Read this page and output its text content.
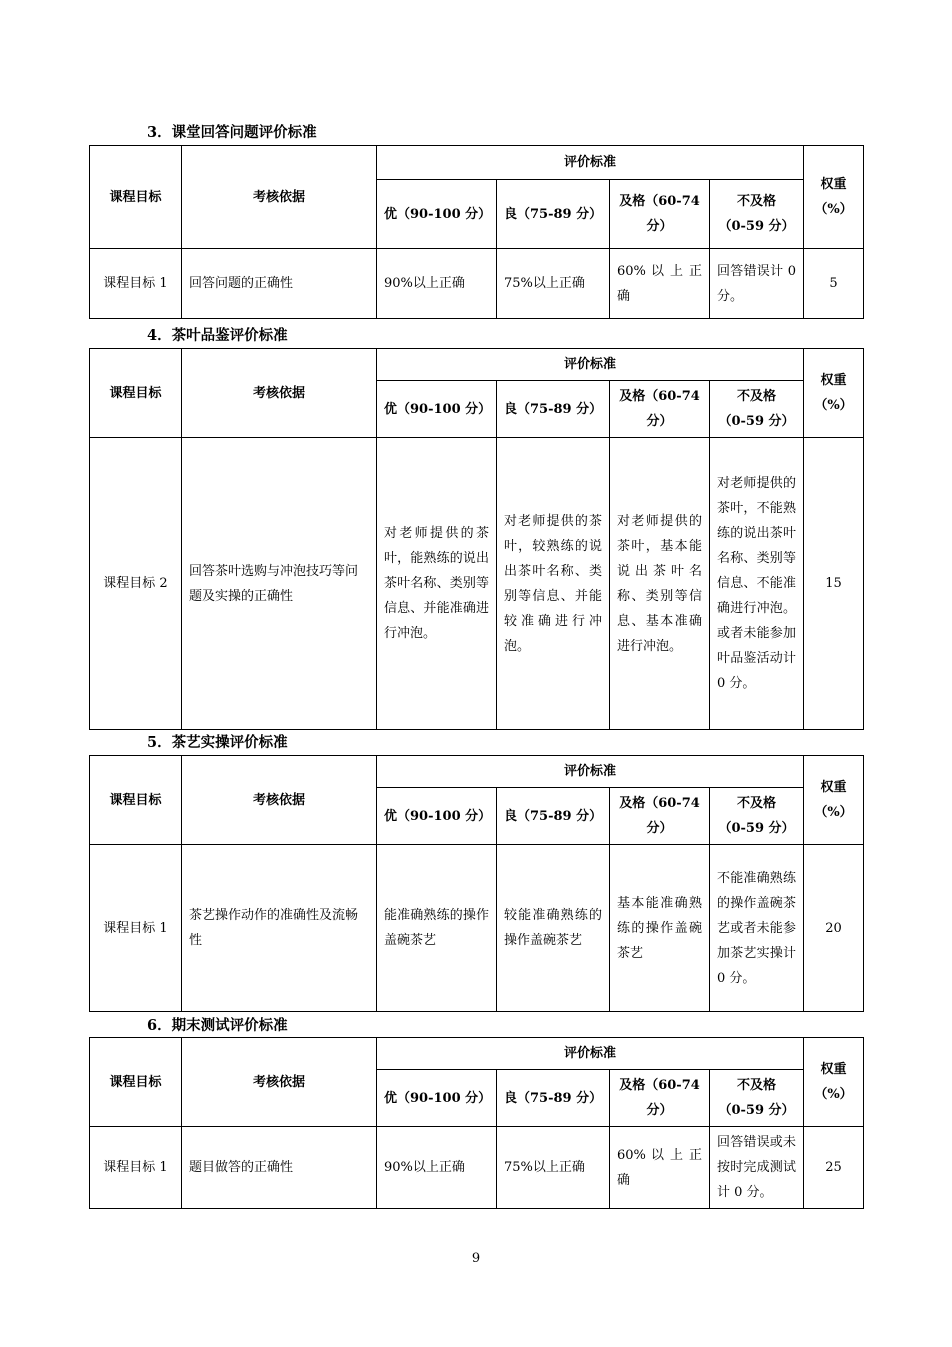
3．课堂回答问题评价标准
课程目标	考核依据	评价标准				权重
（%）
		优（90-100 分）	良（75-89 分）	及格（60-74 分）	不及格
（0-59 分）	
课程目标 1	回答问题的正确性	90%以上正确	75%以上正确	60% 以 上 正确	回答错误计 0 分。	5
4．茶叶品鉴评价标准
课程目标	考核依据	评价标准				权重
（%）
		优（90-100 分）	良（75-89 分）	及格（60-74 分）	不及格
（0-59 分）	
课程目标 2	回答茶叶选购与冲泡技巧等问题及实操的正确性	对老师提供的茶叶，能熟练的说出茶叶名称、类别等信息、并能准确进行冲泡。	对老师提供的茶叶，较熟练的说出茶叶名称、类别等信息、并能较准确进行冲泡。	对老师提供的茶叶，基本能说出茶叶名称、类别等信息、基本准确进行冲泡。	对老师提供的茶叶，不能熟练的说出茶叶名称、类别等信息、不能准确进行冲泡。或者未能参加叶品鉴活动计 0 分。	15
5．茶艺实操评价标准
课程目标	考核依据	评价标准				权重
（%）
		优（90-100 分）	良（75-89 分）	及格（60-74 分）	不及格
（0-59 分）	
课程目标 1	茶艺操作动作的准确性及流畅性	能准确熟练的操作盖碗茶艺	较能准确熟练的操作盖碗茶艺	基本能准确熟练的操作盖碗茶艺	不能准确熟练的操作盖碗茶艺或者未能参加茶艺实操计 0 分。	20
6．期末测试评价标准
课程目标	考核依据	评价标准				权重
（%）
		优（90-100 分）	良（75-89 分）	及格（60-74 分）	不及格
（0-59 分）	
课程目标 1	题目做答的正确性	90%以上正确	75%以上正确	60% 以 上 正确	回答错误或未按时完成测试计 0 分。	25
9
